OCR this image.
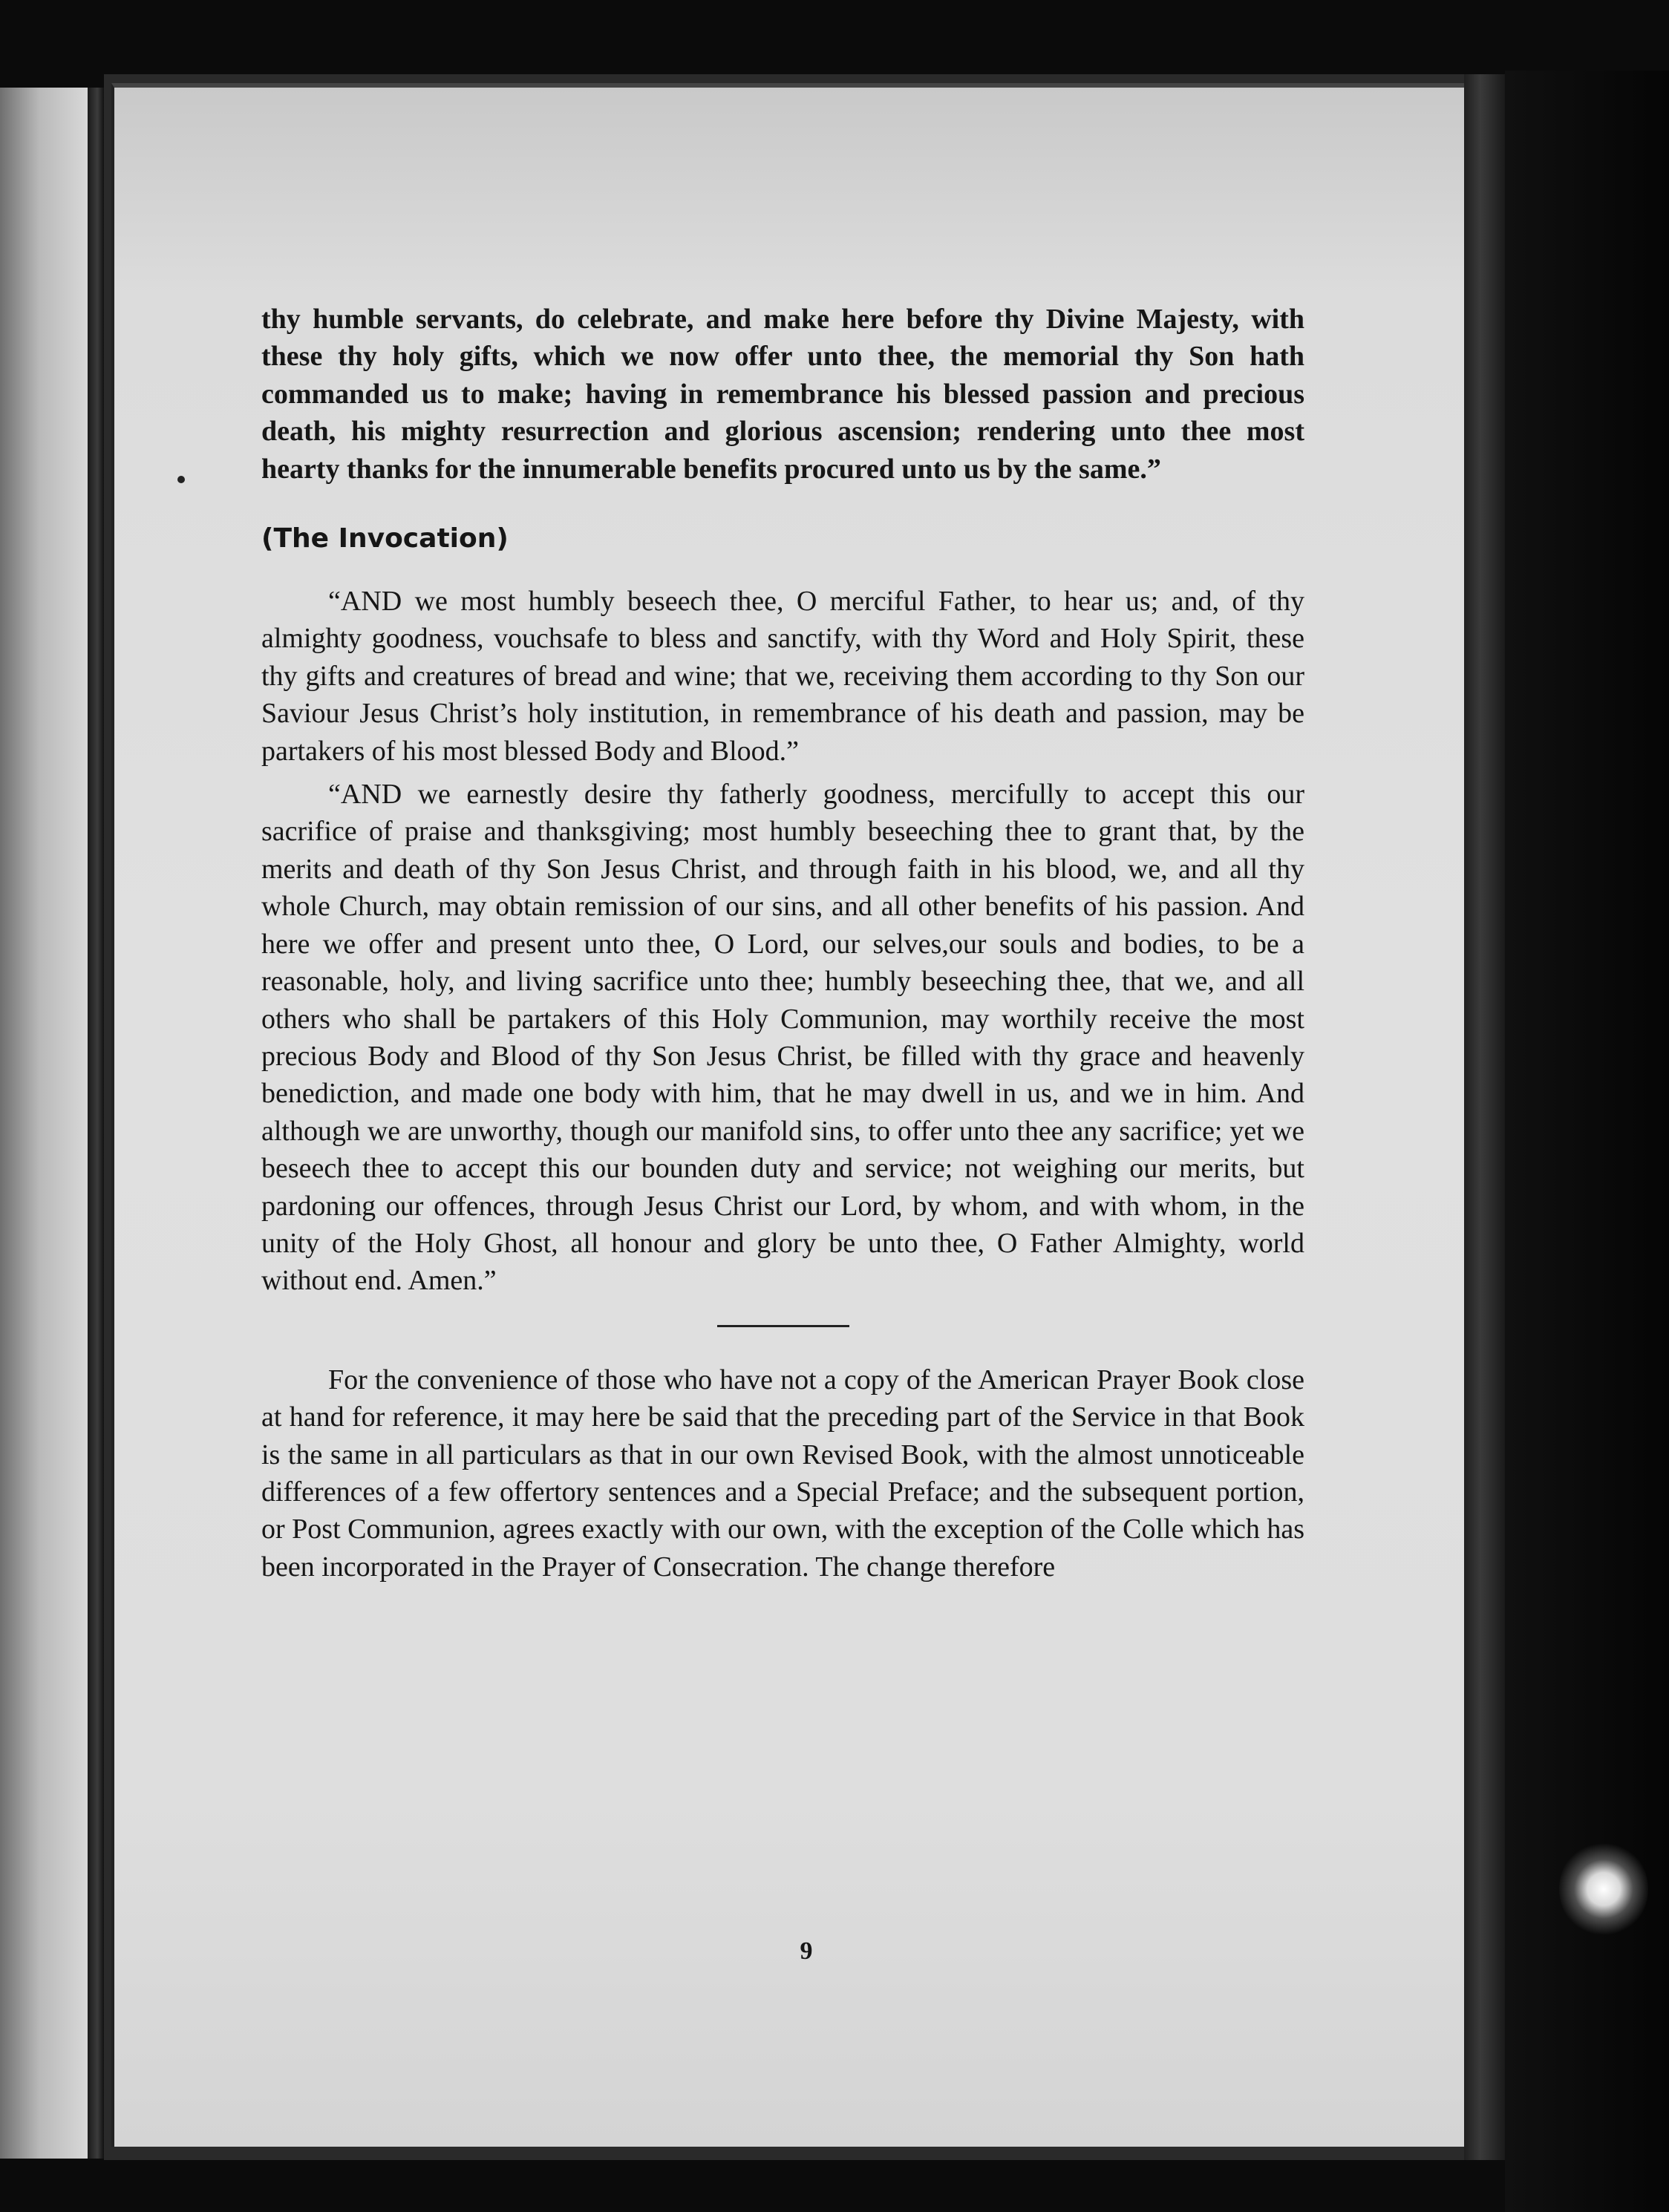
thy humble servants, do celebrate, and make here before thy Divine Majesty, with these thy holy gifts, which we now offer unto thee, the memorial thy Son hath commanded us to make; having in remembrance his blessed passion and precious death, his mighty resurrection and glorious ascension; rendering unto thee most hearty thanks for the innumerable benefits procured unto us by the same.”

(The Invocation)

“AND we most humbly beseech thee, O merciful Father, to hear us; and, of thy almighty goodness, vouchsafe to bless and sanctify, with thy Word and Holy Spirit, these thy gifts and creatures of bread and wine; that we, receiving them according to thy Son our Saviour Jesus Christ’s holy institution, in remembrance of his death and passion, may be partakers of his most blessed Body and Blood.”

“AND we earnestly desire thy fatherly goodness, mercifully to accept this our sacrifice of praise and thanksgiving; most humbly beseeching thee to grant that, by the merits and death of thy Son Jesus Christ, and through faith in his blood, we, and all thy whole Church, may obtain remission of our sins, and all other benefits of his passion. And here we offer and present unto thee, O Lord, our selves,our souls and bodies, to be a reasonable, holy, and living sacrifice unto thee; humbly beseeching thee, that we, and all others who shall be partakers of this Holy Communion, may worthily receive the most precious Body and Blood of thy Son Jesus Christ, be filled with thy grace and heavenly benediction, and made one body with him, that he may dwell in us, and we in him. And although we are unworthy, though our manifold sins, to offer unto thee any sacrifice; yet we beseech thee to accept this our bounden duty and service; not weighing our merits, but pardoning our offences, through Jesus Christ our Lord, by whom, and with whom, in the unity of the Holy Ghost, all honour and glory be unto thee, O Father Almighty, world without end. Amen.”

For the convenience of those who have not a copy of the American Prayer Book close at hand for reference, it may here be said that the preceding part of the Service in that Book is the same in all particulars as that in our own Revised Book, with the almost unnoticeable differences of a few offertory sentences and a Special Preface; and the subsequent portion, or Post Communion, agrees exactly with our own, with the exception of the Colle which has been incorporated in the Prayer of Consecration. The change therefore

9
